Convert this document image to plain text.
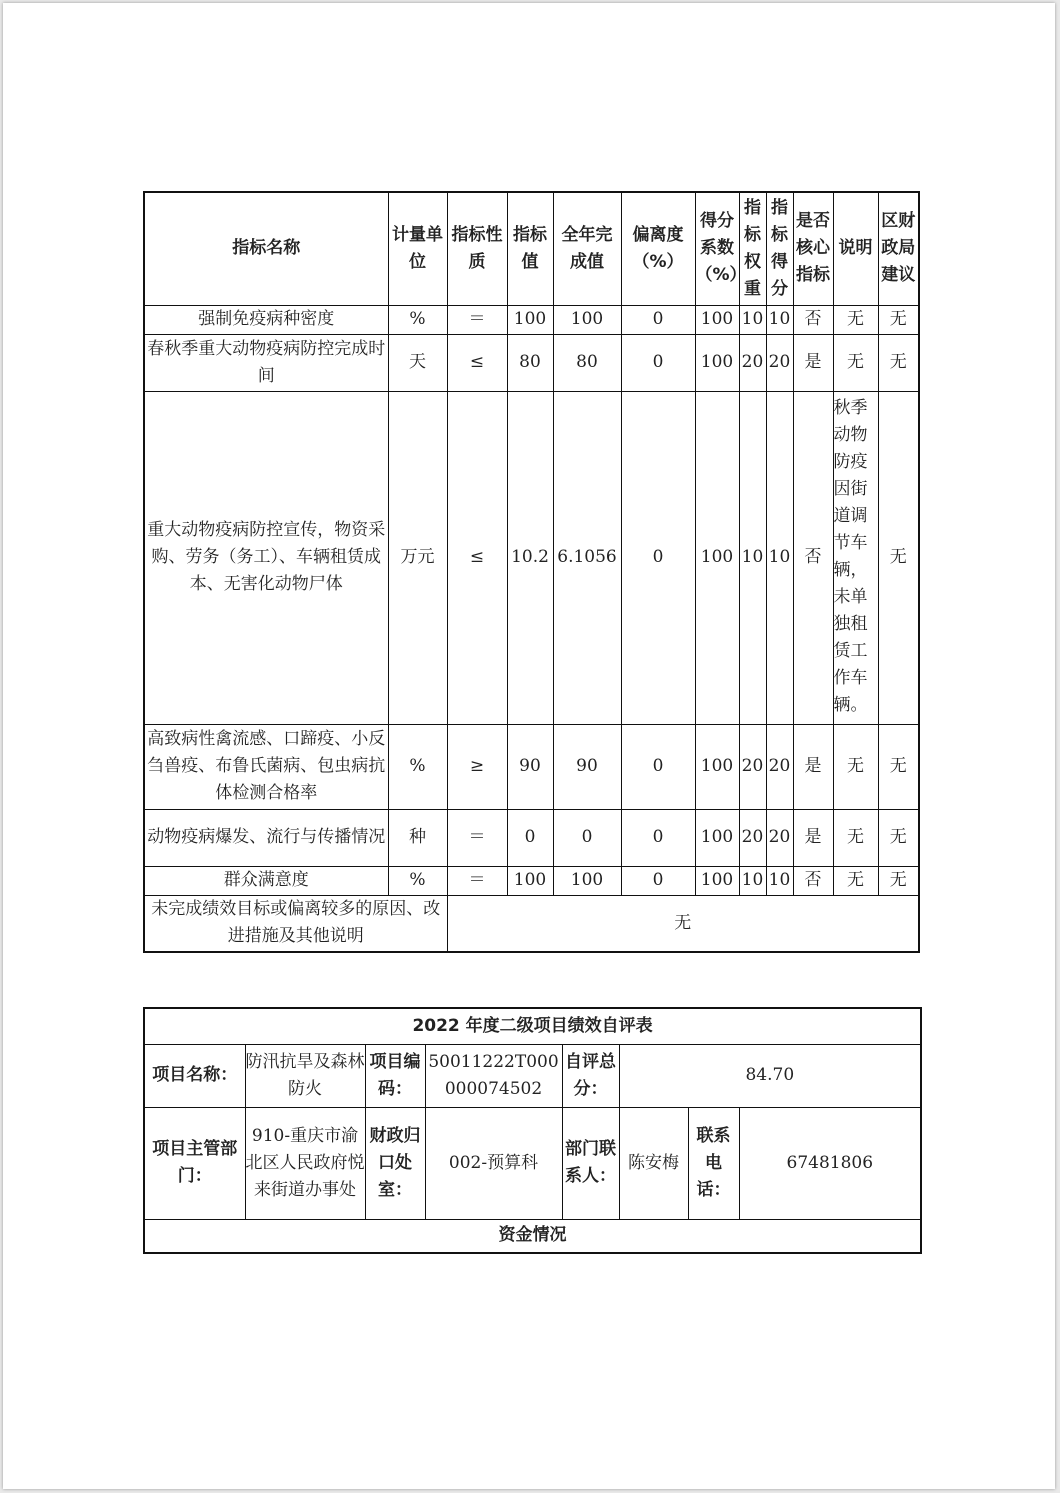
指标名称	计量单位	指标性质	指标值	全年完成值	偏离度（%）	得分系数（%）	指标权重	指标得分	是否核心指标	说明	区财政局建议
强制免疫病种密度	%	＝	100	100	0	100	10	10	否	无	无
春秋季重大动物疫病防控完成时间	天	≤	80	80	0	100	20	20	是	无	无
重大动物疫病防控宣传，物资采购、劳务（务工）、车辆租赁成本、无害化动物尸体	万元	≤	10.2	6.1056	0	100	10	10	否	秋季动物防疫因街道调节车辆，未单独租赁工作车辆。	无
高致病性禽流感、口蹄疫、小反刍兽疫、布鲁氏菌病、包虫病抗体检测合格率	%	≥	90	90	0	100	20	20	是	无	无
动物疫病爆发、流行与传播情况	种	＝	0	0	0	100	20	20	是	无	无
群众满意度	%	＝	100	100	0	100	10	10	否	无	无
未完成绩效目标或偏离较多的原因、改进措施及其他说明		无									
2022 年度二级项目绩效自评表							
项目名称：	防汛抗旱及森林防火	项目编码：	50011222T000000074502	自评总分：	84.70		
项目主管部门：	910-重庆市渝北区人民政府悦来街道办事处	财政归口处室：	002-预算科	部门联系人：	陈安梅	联系电话：	67481806
资金情况							
